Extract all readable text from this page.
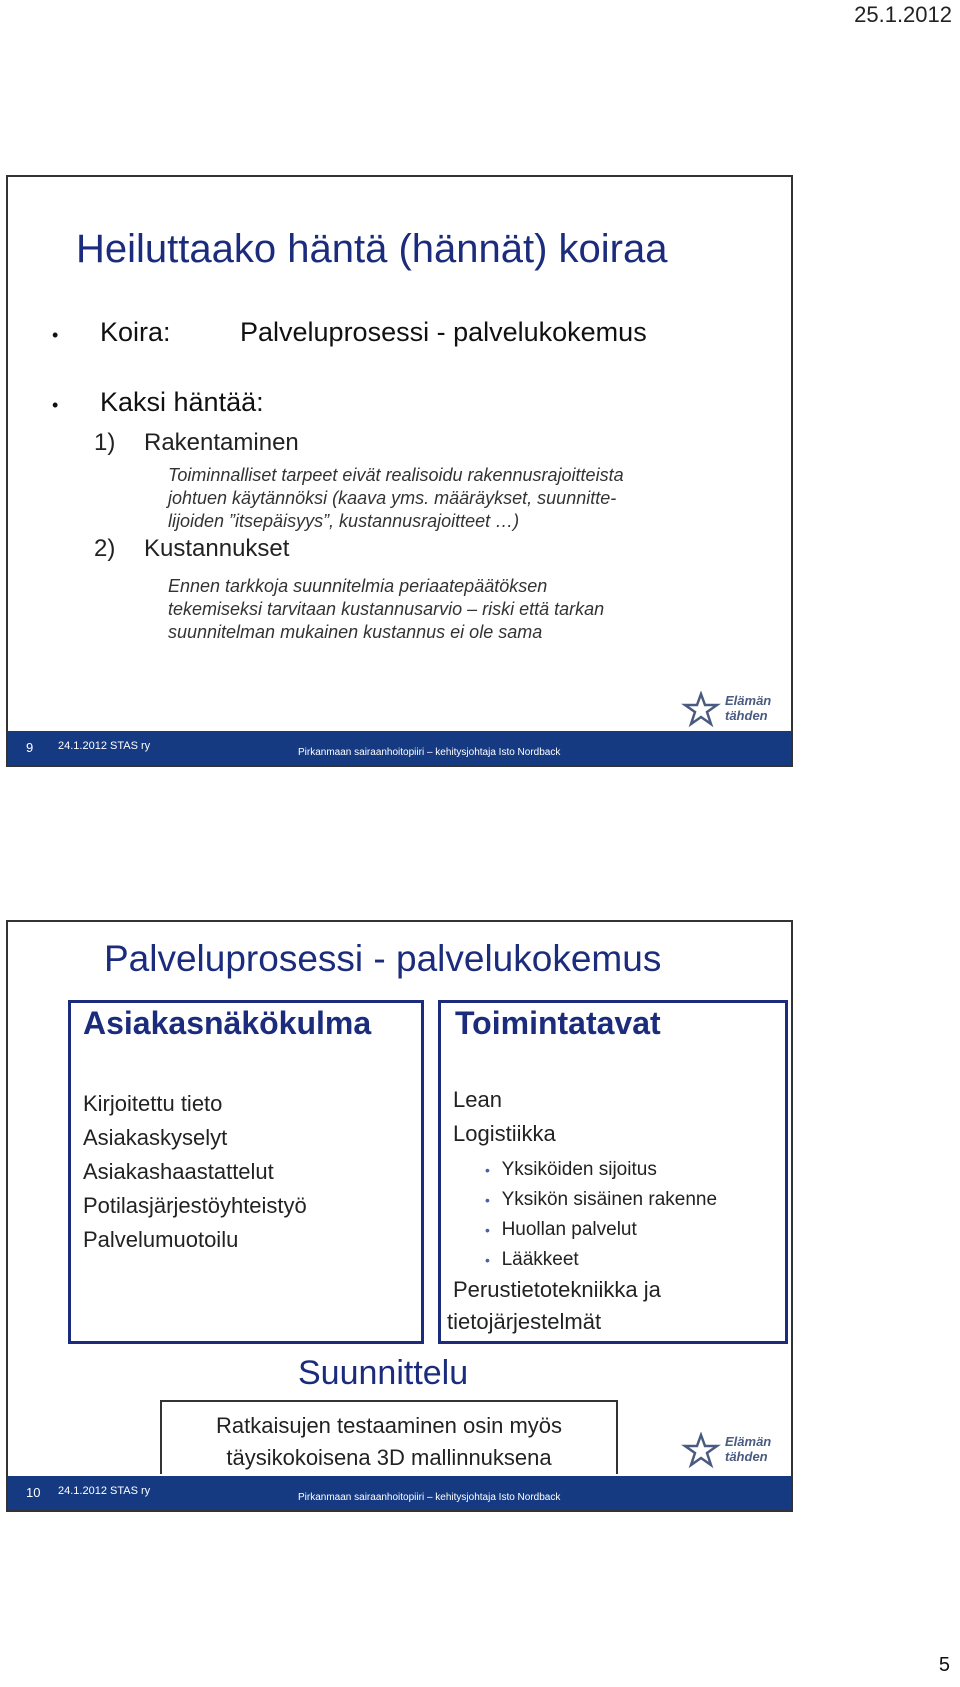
25.1.2012
Heiluttaako häntä (hännät) koiraa
• Koira:	Palveluprosessi - palvelukokemus
• Kaksi häntää:
1) Rakentaminen
Toiminnalliset tarpeet eivät realisoidu rakennusrajoitteista
johtuen käytännöksi (kaava yms. määräykset, suunnitte-
lijoiden ”itsepäisyys”, kustannusrajoitteet …)
2) Kustannukset
Ennen tarkkoja suunnitelmia periaatepäätöksen
tekemiseksi tarvitaan kustannusarvio – riski että tarkan
suunnitelman mukainen kustannus ei ole sama
Elämän
tähden
9 24.1.2012 STAS ry
Pirkanmaan sairaanhoitopiiri – kehitysjohtaja Isto Nordback
Palveluprosessi - palvelukokemus
Asiakasnäkökulma
Kirjoitettu tieto
Asiakaskyselyt
Asiakashaastattelut
Potilasjärjestöyhteistyö
Palvelumuotoilu
Toimintatavat
Lean
Logistiikka
•   Yksiköiden sijoitus
•   Yksikön sisäinen rakenne
•   Huollan palvelut
•   Lääkkeet
Perustietotekniikka ja
tietojärjestelmät
Suunnittelu
Ratkaisujen testaaminen osin myös
täysikokoisena 3D mallinnuksena
Elämän
tähden
10 24.1.2012 STAS ry
Pirkanmaan sairaanhoitopiiri – kehitysjohtaja Isto Nordback
5
